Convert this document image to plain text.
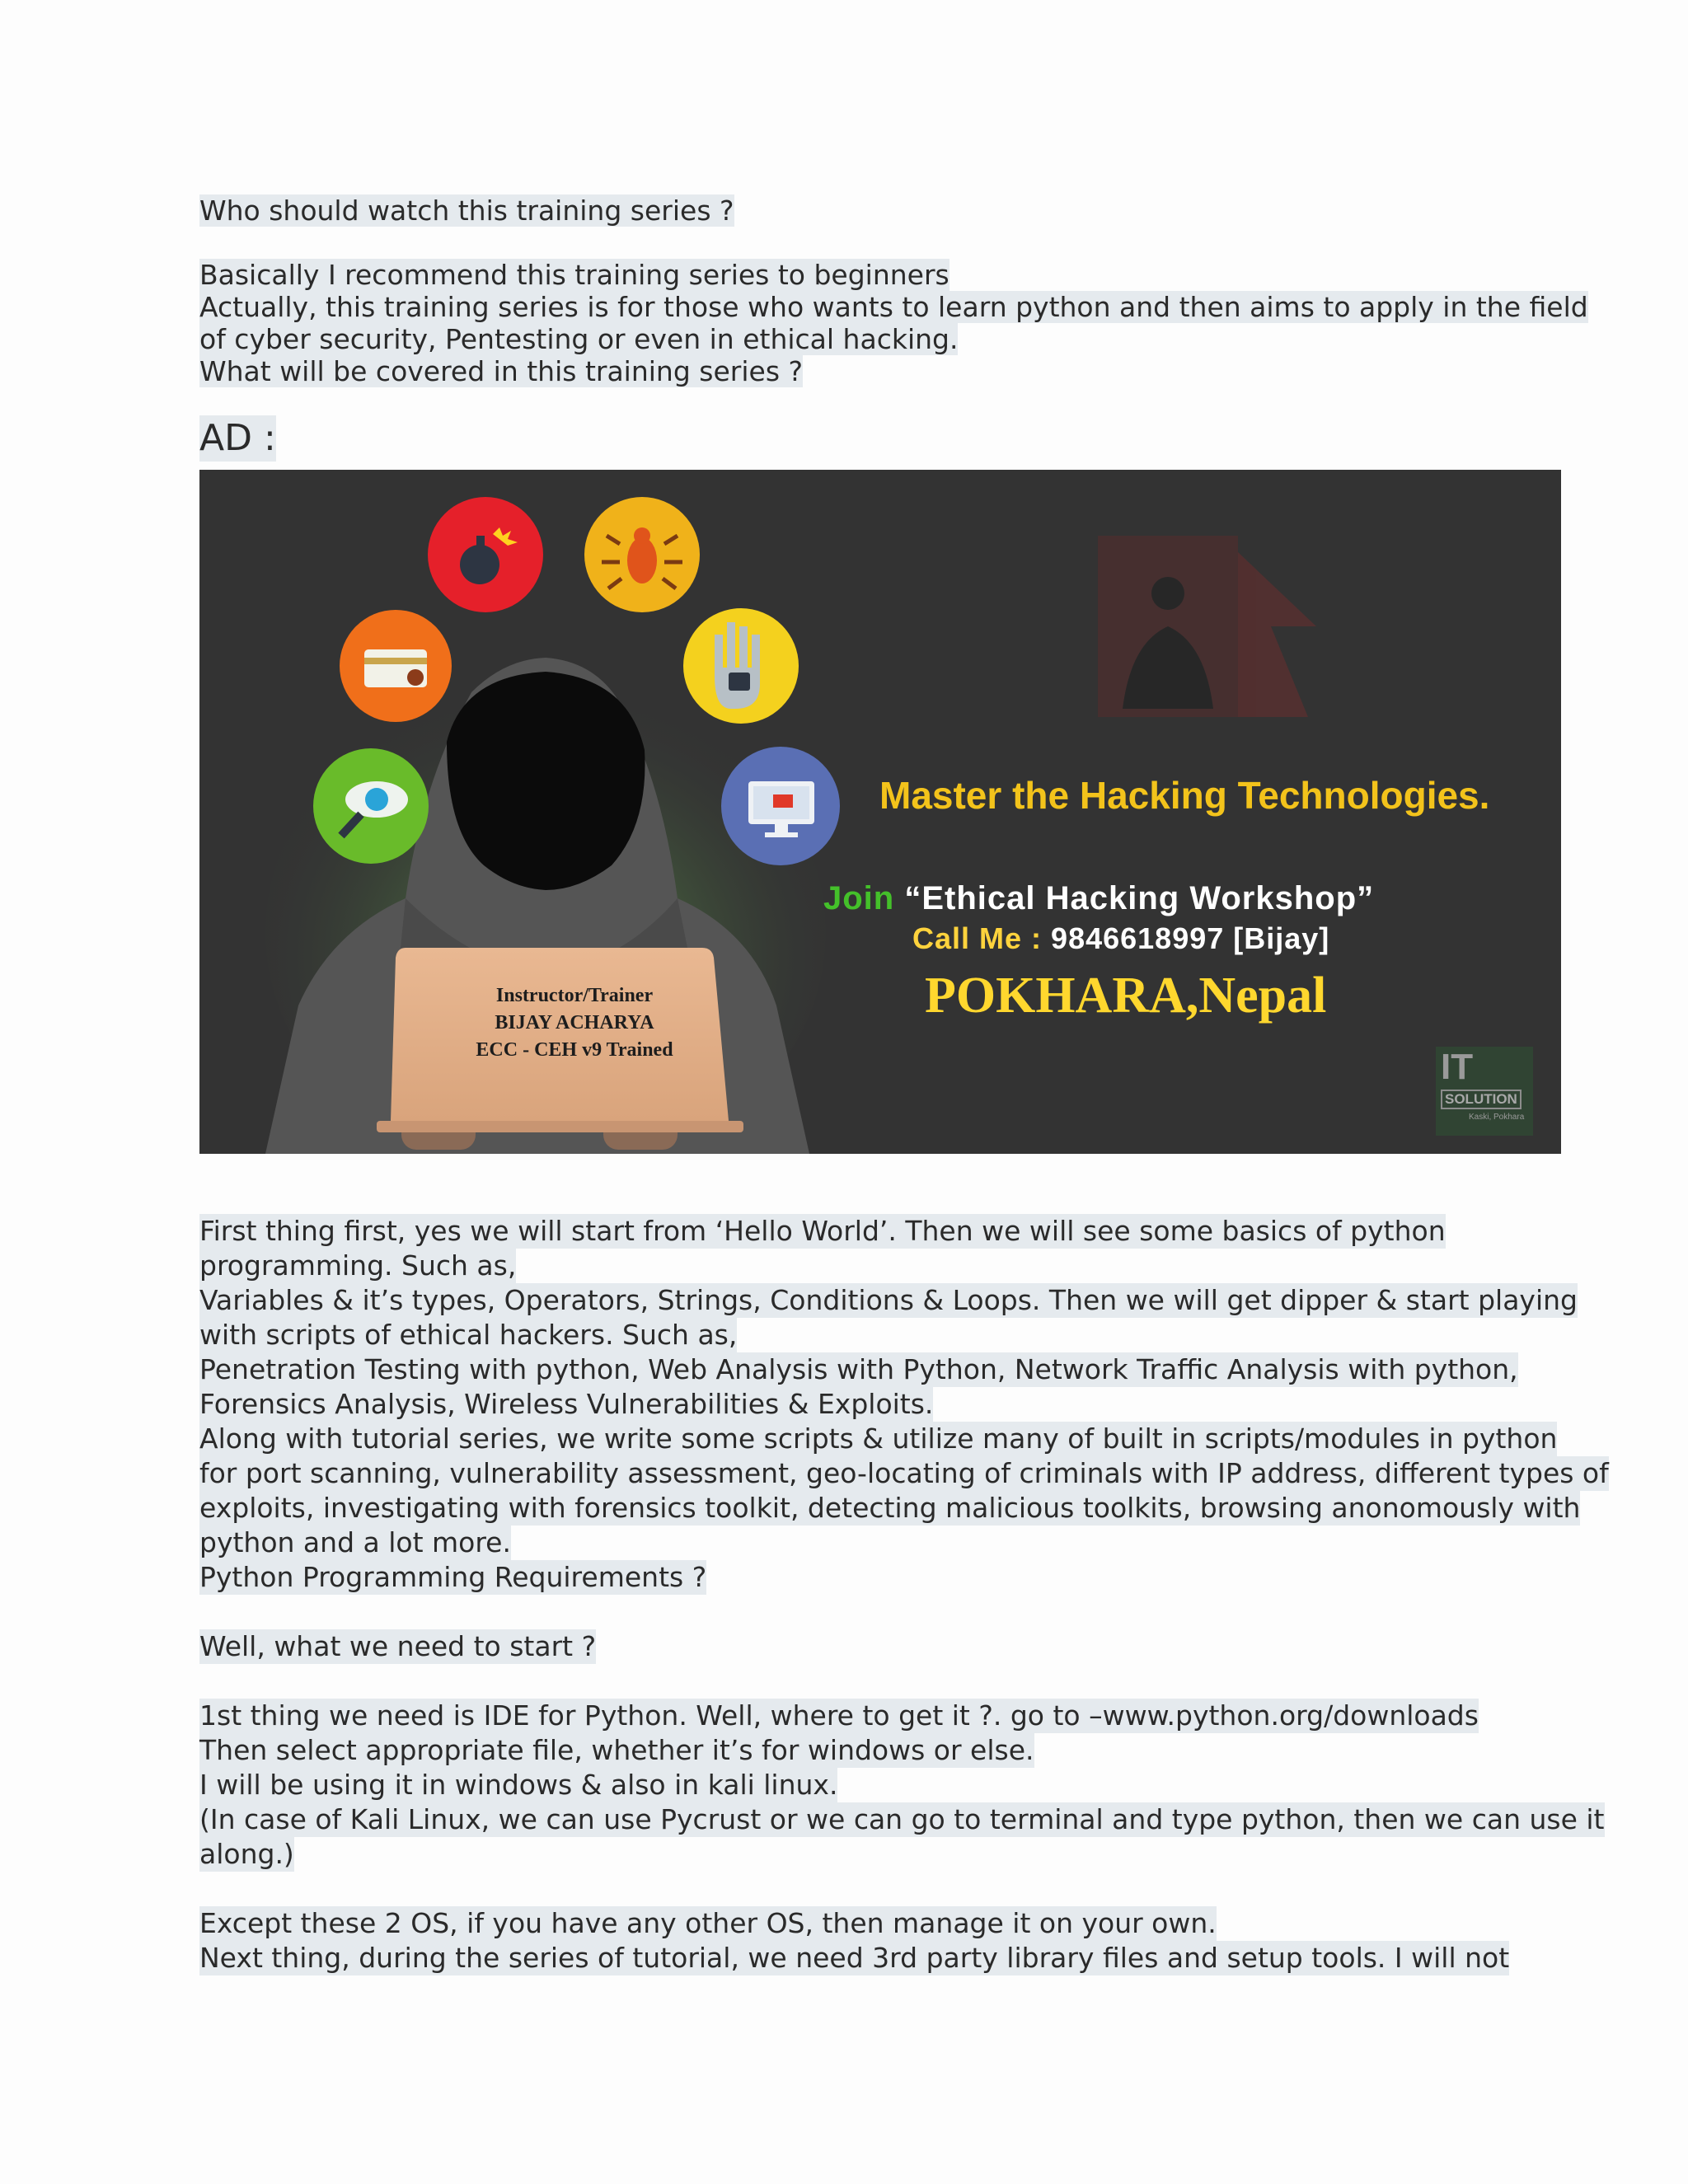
Who should watch this training series ?
Basically I recommend this training series to beginners
Actually, this training series is for those who wants to learn python and then aims to apply in the field
of cyber security, Pentesting or even in ethical hacking.
What will be covered in this training series ?
AD :
Master the Hacking Technologies.
Join “Ethical Hacking Workshop”
Call Me : 9846618997 [Bijay]
POKHARA,Nepal
Instructor/Trainer
BIJAY ACHARYA
ECC - CEH v9 Trained	IT
SOLUTION
Kaski, Pokhara
First thing first, yes we will start from ‘Hello World’. Then we will see some basics of python
programming. Such as,
Variables & it’s types, Operators, Strings, Conditions & Loops. Then we will get dipper & start playing
with scripts of ethical hackers. Such as,
Penetration Testing with python, Web Analysis with Python, Network Traffic Analysis with python,
Forensics Analysis, Wireless Vulnerabilities & Exploits.
Along with tutorial series, we write some scripts & utilize many of built in scripts/modules in python
for port scanning, vulnerability assessment, geo-locating of criminals with IP address, different types of
exploits, investigating with forensics toolkit, detecting malicious toolkits, browsing anonomously with
python and a lot more.
Python Programming Requirements ?
Well, what we need to start ?
1st thing we need is IDE for Python. Well, where to get it ?. go to –www.python.org/downloads
Then select appropriate file, whether it’s for windows or else.
I will be using it in windows & also in kali linux.
(In case of Kali Linux, we can use Pycrust or we can go to terminal and type python, then we can use it
along.)
Except these 2 OS, if you have any other OS, then manage it on your own.
Next thing, during the series of tutorial, we need 3rd party library files and setup tools. I will not
